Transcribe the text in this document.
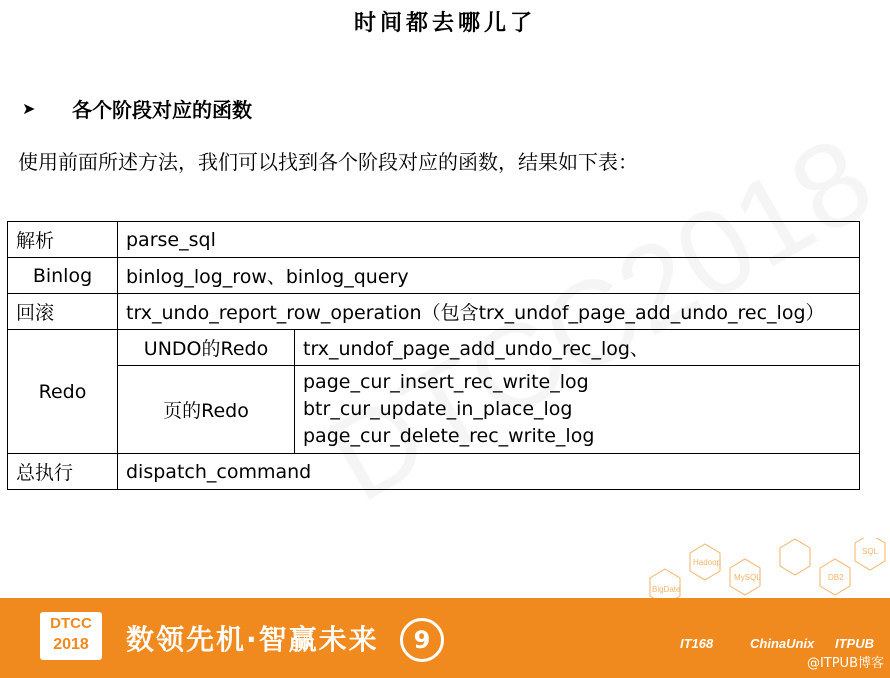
时间都去哪儿了
➤	各个阶段对应的函数
使用前面所述方法，我们可以找到各个阶段对应的函数，结果如下表：
解析	parse_sql	
Binlog	binlog_log_row、binlog_query	
回滚	trx_undo_report_row_operation（包含trx_undof_page_add_undo_rec_log）	
Redo	UNDO的Redo	trx_undof_page_add_undo_rec_log、
	页的Redo	page_cur_insert_rec_write_log
btr_cur_update_in_place_log
page_cur_delete_rec_write_log

总执行	dispatch_command	
Hadoop
MySQL
SQL
DB2
BigDate
DTCC
2018	数领先机·智赢未来	9	IT168	ChinaUnix ITPUB
@ITPUB博客
